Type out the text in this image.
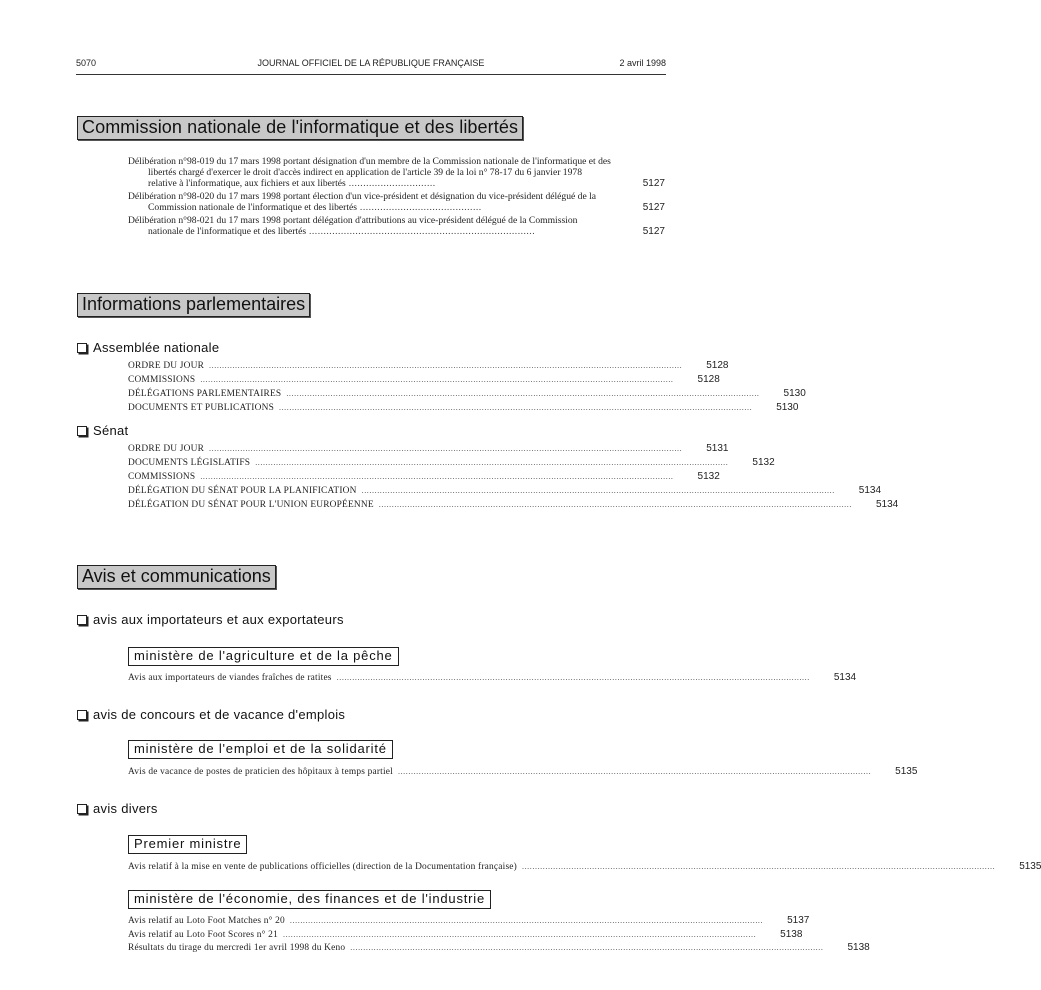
5070	JOURNAL OFFICIEL DE LA RÉPUBLIQUE FRANÇAISE	2 avril 1998
Commission nationale de l'informatique et des libertés
Délibération n°98-019 du 17 mars 1998 portant désignation d'un membre de la Commission nationale de l'informatique et des libertés chargé d'exercer le droit d'accès indirect en application de l'article 39 de la loi n° 78-17 du 6 janvier 1978 relative à l'informatique, aux fichiers et aux libertés ..............................	5127
Délibération n°98-020 du 17 mars 1998 portant élection d'un vice-président et désignation du vice-président délégué de la Commission nationale de l'informatique et des libertés ..........................................	5127
Délibération n°98-021 du 17 mars 1998 portant délégation d'attributions au vice-président délégué de la Commission nationale de l'informatique et des libertés ..............................................................................	5127
Informations parlementaires
Assemblée nationale
ORDRE DU JOUR ...................................................................................................................................................................................... 5128
COMMISSIONS ...................................................................................................................................................................................... 5128
DÉLÉGATIONS PARLEMENTAIRES ...................................................................................................................................................................................... 5130
DOCUMENTS ET PUBLICATIONS ...................................................................................................................................................................................... 5130
Sénat
ORDRE DU JOUR ...................................................................................................................................................................................... 5131
DOCUMENTS LÉGISLATIFS ...................................................................................................................................................................................... 5132
COMMISSIONS ...................................................................................................................................................................................... 5132
DÉLÉGATION DU SÉNAT POUR LA PLANIFICATION ...................................................................................................................................................................................... 5134
DÉLÉGATION DU SÉNAT POUR L'UNION EUROPÉENNE ...................................................................................................................................................................................... 5134
Avis et communications
avis aux importateurs et aux exportateurs
ministère de l'agriculture et de la pêche
Avis aux importateurs de viandes fraîches de ratites ...................................................................................................................................................................................... 5134
avis de concours et de vacance d'emplois
ministère de l'emploi et de la solidarité
Avis de vacance de postes de praticien des hôpitaux à temps partiel ...................................................................................................................................................................................... 5135
avis divers
Premier ministre
Avis relatif à la mise en vente de publications officielles (direction de la Documentation française) ...................................................................................................................................................................................... 5135
ministère de l'économie, des finances et de l'industrie
Avis relatif au Loto Foot Matches n° 20 ...................................................................................................................................................................................... 5137
Avis relatif au Loto Foot Scores n° 21 ...................................................................................................................................................................................... 5138
Résultats du tirage du mercredi 1er avril 1998 du Keno ...................................................................................................................................................................................... 5138
